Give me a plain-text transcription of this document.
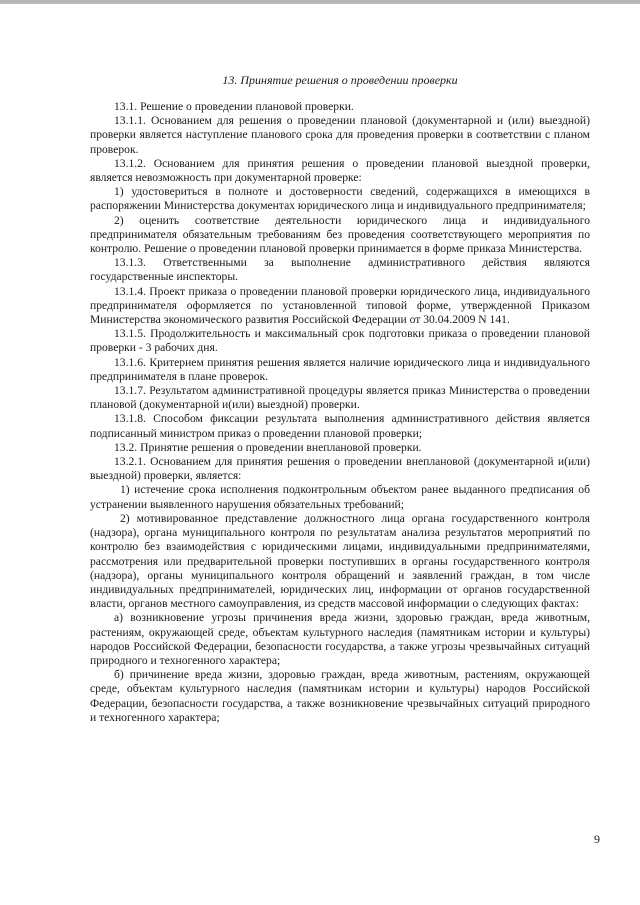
13. Принятие решения о проведении проверки

13.1. Решение о проведении плановой проверки.

13.1.1. Основанием для решения о проведении плановой (документарной и (или) выездной) проверки является наступление планового срока для проведения проверки в соответствии с планом проверок.

13.1.2. Основанием для принятия решения о проведении плановой выездной проверки, является невозможность при документарной проверке:

1) удостовериться в полноте и достоверности сведений, содержащихся в имеющихся в распоряжении Министерства документах юридического лица и индивидуального предпринимателя;

2) оценить соответствие деятельности юридического лица и индивидуального предпринимателя обязательным требованиям без проведения соответствующего мероприятия по контролю. Решение о проведении плановой проверки принимается в форме приказа Министерства.

13.1.3. Ответственными за выполнение административного действия являются государственные инспекторы.

13.1.4. Проект приказа о проведении плановой проверки юридического лица, индивидуального предпринимателя оформляется по установленной типовой форме, утвержденной Приказом Министерства экономического развития Российской Федерации от 30.04.2009 N 141.

13.1.5. Продолжительность и максимальный срок подготовки приказа о проведении плановой проверки - 3 рабочих дня.

13.1.6. Критерием принятия решения является наличие юридического лица и индивидуального предпринимателя в плане проверок.

13.1.7. Результатом административной процедуры является приказ Министерства о проведении плановой (документарной и(или) выездной) проверки.

13.1.8. Способом фиксации результата выполнения административного действия является подписанный министром приказ о проведении плановой проверки;

13.2. Принятие решения о проведении внеплановой проверки.

13.2.1. Основанием для принятия решения о проведении внеплановой (документарной и(или) выездной) проверки, является:

1) истечение срока исполнения подконтрольным объектом ранее выданного предписания об устранении выявленного нарушения обязательных требований;

2) мотивированное представление должностного лица органа государственного контроля (надзора), органа муниципального контроля по результатам анализа результатов мероприятий по контролю без взаимодействия с юридическими лицами, индивидуальными предпринимателями, рассмотрения или предварительной проверки поступивших в органы государственного контроля (надзора), органы муниципального контроля обращений и заявлений граждан, в том числе индивидуальных предпринимателей, юридических лиц, информации от органов государственной власти, органов местного самоуправления, из средств массовой информации о следующих фактах:

а) возникновение угрозы причинения вреда жизни, здоровью граждан, вреда животным, растениям, окружающей среде, объектам культурного наследия (памятникам истории и культуры) народов Российской Федерации, безопасности государства, а также угрозы чрезвычайных ситуаций природного и техногенного характера;

б) причинение вреда жизни, здоровью граждан, вреда животным, растениям, окружающей среде, объектам культурного наследия (памятникам истории и культуры) народов Российской Федерации, безопасности государства, а также возникновение чрезвычайных ситуаций природного и техногенного характера;

9
